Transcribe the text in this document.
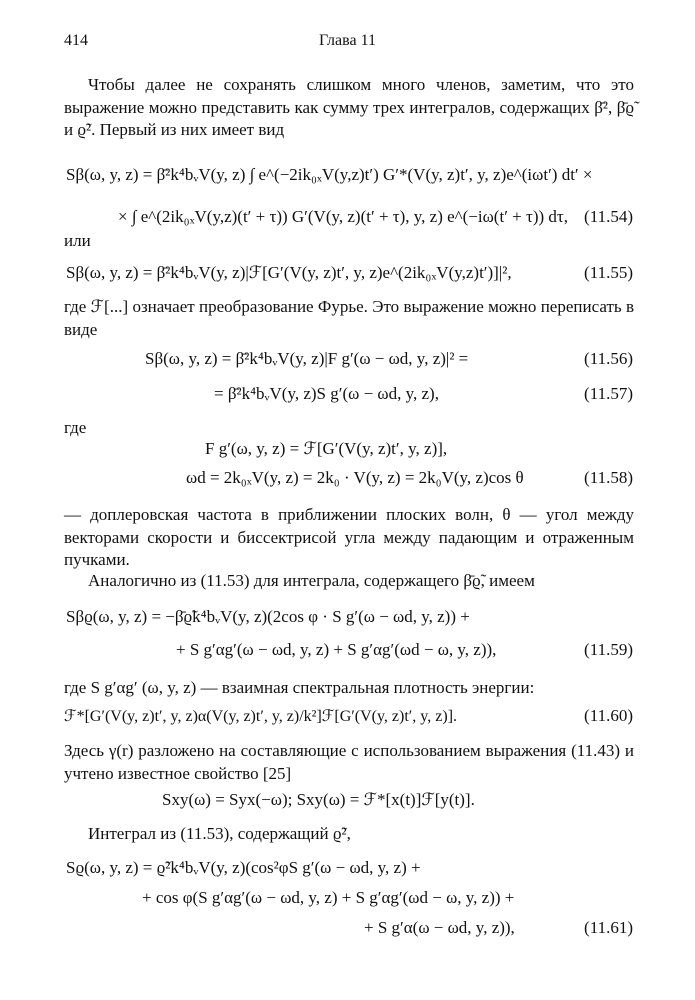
414	Глава 11

Чтобы далее не сохранять слишком много членов, заметим, что это выражение можно представить как сумму трех интегралов, содержащих β̄², β̄ϱ̃ и ϱ̃². Первый из них имеет вид

Sβ(ω, y, z) = β̄²k⁴bᵥV(y, z) ∫ e^(−2ik₀ₓV(y,z)t′) G′*(V(y, z)t′, y, z)e^(iωt′) dt′ ×
× ∫ e^(2ik₀ₓV(y,z)(t′ + τ)) G′(V(y, z)(t′ + τ), y, z) e^(−iω(t′ + τ)) dτ, (11.54)
или
Sβ(ω, y, z) = β̄²k⁴bᵥV(y, z)|ℱ[G′(V(y, z)t′, y, z)e^(2ik₀ₓV(y,z)t′)]|²,	(11.55)

где ℱ[...] означает преобразование Фурье. Это выражение можно переписать в виде

Sβ(ω, y, z) = β̄²k⁴bᵥV(y, z)|F g′(ω − ωd, y, z)|² =	(11.56)
= β̄²k⁴bᵥV(y, z)S g′(ω − ωd, y, z),	(11.57)
где
F g′(ω, y, z) = ℱ[G′(V(y, z)t′, y, z)],
ωd = 2k₀ₓV(y, z) = 2k₀ · V(y, z) = 2k₀V(y, z)cos θ	(11.58)

— доплеровская частота в приближении плоских волн, θ — угол между векторами скорости и биссектрисой угла между падающим и отраженным пучками.

Аналогично из (11.53) для интеграла, содержащего β̄ϱ̃, имеем

Sβϱ(ω, y, z) = −β̄ϱ̃k⁴bᵥV(y, z)(2cos φ · S g′(ω − ωd, y, z)) +
+ S g′αg′(ω − ωd, y, z) + S g′αg′(ωd − ω, y, z)),	(11.59)

где S g′αg′ (ω, y, z) — взаимная спектральная плотность энергии:

ℱ*[G′(V(y, z)t′, y, z)α(V(y, z)t′, y, z)/k²]ℱ[G′(V(y, z)t′, y, z)].	(11.60)

Здесь γ(r) разложено на составляющие с использованием выражения (11.43) и учтено известное свойство [25]

Sxy(ω) = Syx(−ω); Sxy(ω) = ℱ*[x(t)]ℱ[y(t)].

Интеграл из (11.53), содержащий ϱ̃²,

Sϱ(ω, y, z) = ϱ̃²k⁴bᵥV(y, z)(cos²φS g′(ω − ωd, y, z) +
+ cos φ(S g′αg′(ω − ωd, y, z) + S g′αg′(ωd − ω, y, z)) +
+ S g′α(ω − ωd, y, z)),	(11.61)
